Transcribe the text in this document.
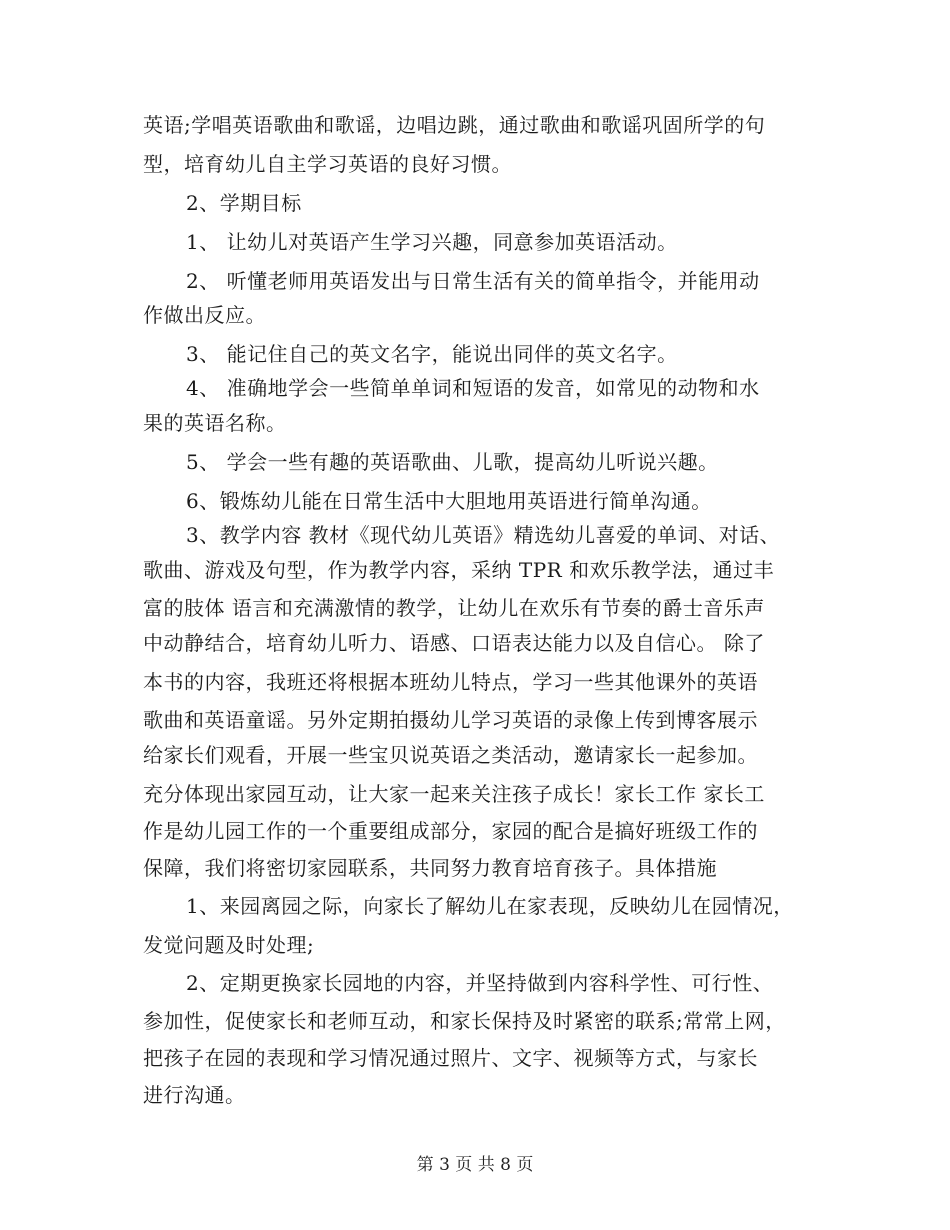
英语;学唱英语歌曲和歌谣，边唱边跳，通过歌曲和歌谣巩固所学的句
型，培育幼儿自主学习英语的良好习惯。
2、学期目标
1、 让幼儿对英语产生学习兴趣，同意参加英语活动。
2、 听懂老师用英语发出与日常生活有关的简单指令，并能用动
作做出反应。
3、 能记住自己的英文名字，能说出同伴的英文名字。
4、 准确地学会一些简单单词和短语的发音，如常见的动物和水
果的英语名称。
5、 学会一些有趣的英语歌曲、儿歌，提高幼儿听说兴趣。
6、锻炼幼儿能在日常生活中大胆地用英语进行简单沟通。
3、教学内容 教材《现代幼儿英语》精选幼儿喜爱的单词、对话、
歌曲、游戏及句型，作为教学内容，采纳 TPR 和欢乐教学法，通过丰
富的肢体 语言和充满激情的教学，让幼儿在欢乐有节奏的爵士音乐声
中动静结合，培育幼儿听力、语感、口语表达能力以及自信心。 除了
本书的内容，我班还将根据本班幼儿特点，学习一些其他课外的英语
歌曲和英语童谣。另外定期拍摄幼儿学习英语的录像上传到博客展示
给家长们观看，开展一些宝贝说英语之类活动，邀请家长一起参加。
充分体现出家园互动，让大家一起来关注孩子成长！家长工作 家长工
作是幼儿园工作的一个重要组成部分，家园的配合是搞好班级工作的
保障，我们将密切家园联系，共同努力教育培育孩子。具体措施
1、来园离园之际，向家长了解幼儿在家表现，反映幼儿在园情况，
发觉问题及时处理;
2、定期更换家长园地的内容，并坚持做到内容科学性、可行性、
参加性，促使家长和老师互动，和家长保持及时紧密的联系;常常上网，
把孩子在园的表现和学习情况通过照片、文字、视频等方式，与家长
进行沟通。
第 3 页 共 8 页
